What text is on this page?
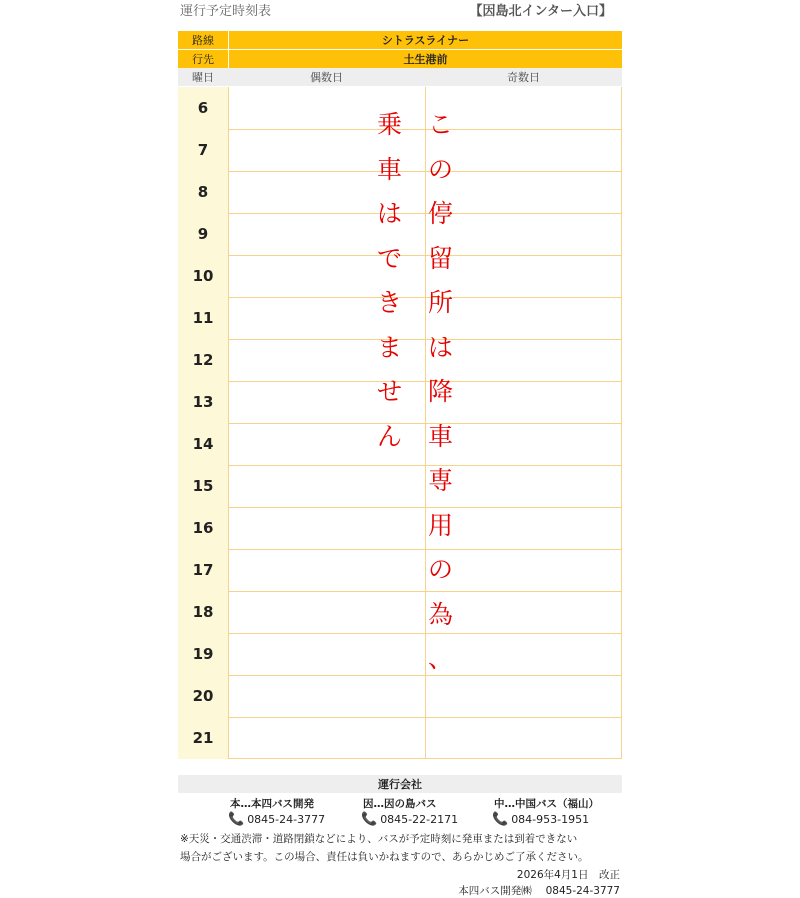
運行予定時刻表	【因島北インター入口】
路線	シトラスライナー
行先	土生港前
曜日	偶数日	奇数日
6
7
8
9
10
11
12
13
14
15
16
17
18
19
20
21
こ
の
停
留
所
は
降
車
専
用
の
為
、
乗
車
は
で
き
ま
せ
ん
運行会社
本…本四バス開発	因…因の島バス	中…中国バス（福山）
📞 0845-24-3777	📞 0845-22-2171	📞 084-953-1951
※天災・交通渋滞・道路閉鎖などにより、バスが予定時刻に発車または到着できない
場合がございます。この場合、責任は負いかねますので、あらかじめご了承ください。
2026年4月1日　改正
本四バス開発㈱　 0845-24-3777
